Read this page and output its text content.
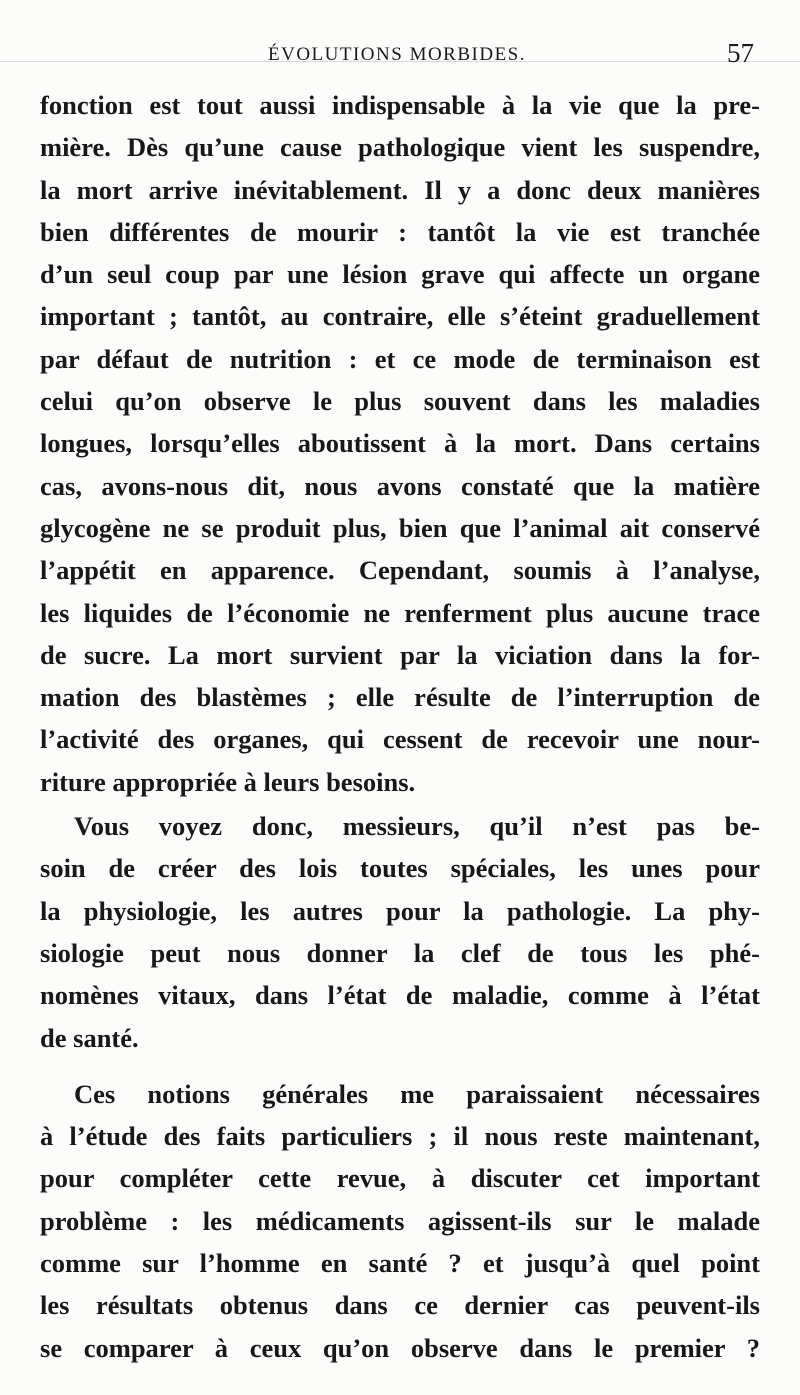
ÉVOLUTIONS MORBIDES.	57

fonction est tout aussi indispensable à la vie que la pre-
mière. Dès qu’une cause pathologique vient les suspendre,
la mort arrive inévitablement. Il y a donc deux manières
bien différentes de mourir : tantôt la vie est tranchée
d’un seul coup par une lésion grave qui affecte un organe
important ; tantôt, au contraire, elle s’éteint graduellement
par défaut de nutrition : et ce mode de terminaison est
celui qu’on observe le plus souvent dans les maladies
longues, lorsqu’elles aboutissent à la mort. Dans certains
cas, avons-nous dit, nous avons constaté que la matière
glycogène ne se produit plus, bien que l’animal ait conservé
l’appétit en apparence. Cependant, soumis à l’analyse,
les liquides de l’économie ne renferment plus aucune trace
de sucre. La mort survient par la viciation dans la for-
mation des blastèmes ; elle résulte de l’interruption de
l’activité des organes, qui cessent de recevoir une nour-
riture appropriée à leurs besoins.

Vous voyez donc, messieurs, qu’il n’est pas be-
soin de créer des lois toutes spéciales, les unes pour
la physiologie, les autres pour la pathologie. La phy-
siologie peut nous donner la clef de tous les phé-
nomènes vitaux, dans l’état de maladie, comme à l’état
de santé.

Ces notions générales me paraissaient nécessaires
à l’étude des faits particuliers ; il nous reste maintenant,
pour compléter cette revue, à discuter cet important
problème : les médicaments agissent-ils sur le malade
comme sur l’homme en santé ? et jusqu’à quel point
les résultats obtenus dans ce dernier cas peuvent-ils
se comparer à ceux qu’on observe dans le premier ?
